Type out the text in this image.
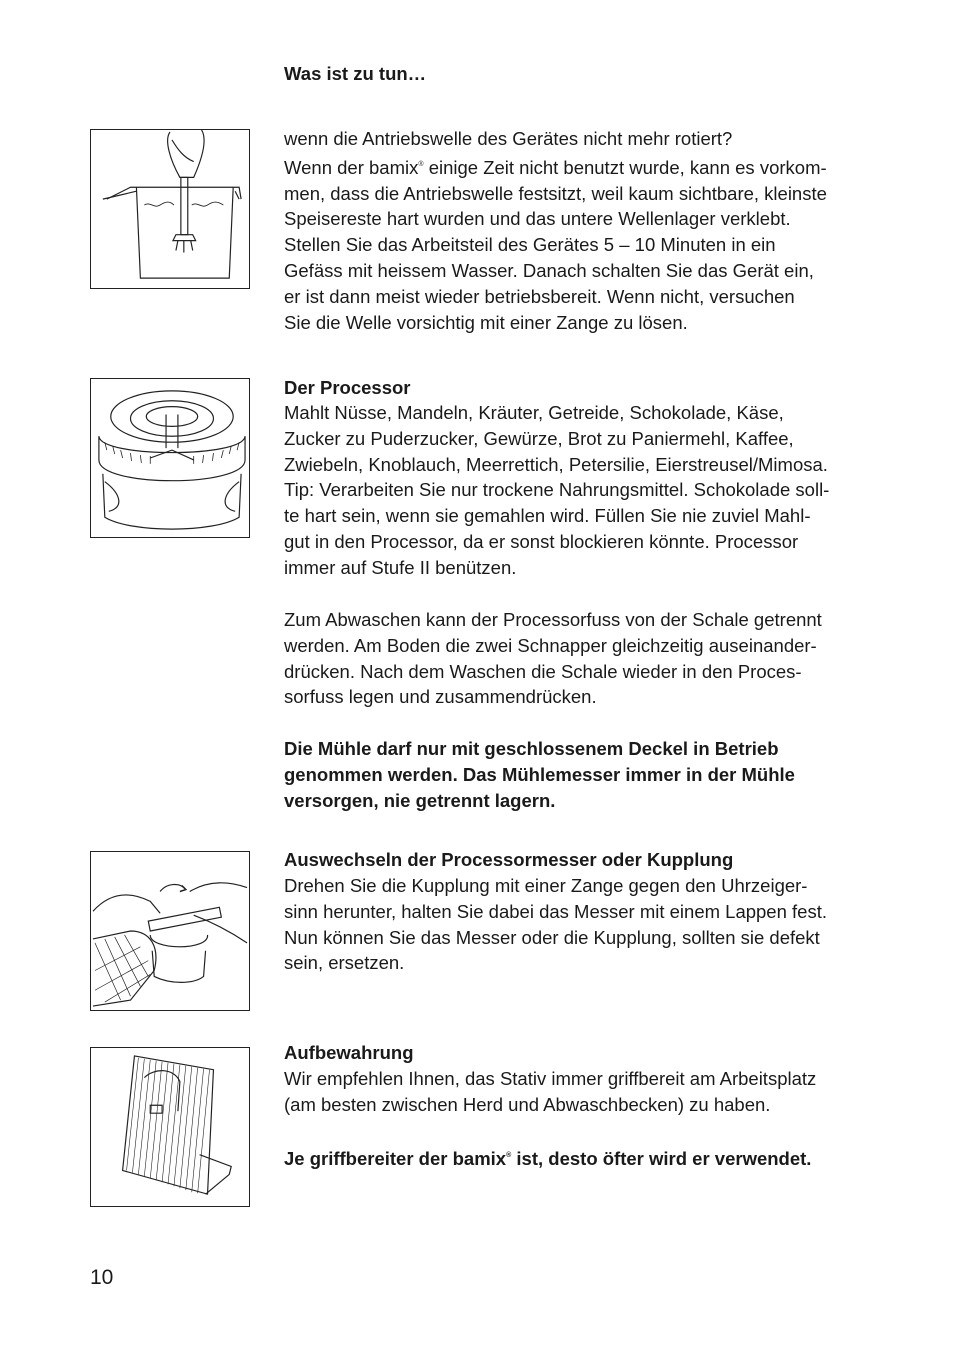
Was ist zu tun…
wenn die Antriebswelle des Gerätes nicht mehr rotiert?
Wenn der bamix® einige Zeit nicht benutzt wurde, kann es vorkom-
men, dass die Antriebswelle festsitzt, weil kaum sichtbare, kleinste
Speisereste hart wurden und das untere Wellenlager verklebt.
Stellen Sie das Arbeitsteil des Gerätes 5 – 10 Minuten in ein
Gefäss mit heissem Wasser. Danach schalten Sie das Gerät ein,
er ist dann meist wieder betriebsbereit. Wenn nicht, versuchen
Sie die Welle vorsichtig mit einer Zange zu lösen.
Der Processor
Mahlt Nüsse, Mandeln, Kräuter, Getreide, Schokolade, Käse,
Zucker zu Puderzucker, Gewürze, Brot zu Paniermehl, Kaffee,
Zwiebeln, Knoblauch, Meerrettich, Petersilie, Eierstreusel/Mimosa.
Tip: Verarbeiten Sie nur trockene Nahrungsmittel. Schokolade soll-
te hart sein, wenn sie gemahlen wird. Füllen Sie nie zuviel Mahl-
gut in den Processor, da er sonst blockieren könnte. Processor
immer auf Stufe II benützen.
Zum Abwaschen kann der Processorfuss von der Schale getrennt
werden. Am Boden die zwei Schnapper gleichzeitig auseinander-
drücken. Nach dem Waschen die Schale wieder in den Proces-
sorfuss legen und zusammendrücken.
Die Mühle darf nur mit geschlossenem Deckel in Betrieb
genommen werden. Das Mühlemesser immer in der Mühle
versorgen, nie getrennt lagern.
Auswechseln der Processormesser oder Kupplung
Drehen Sie die Kupplung mit einer Zange gegen den Uhrzeiger-
sinn herunter, halten Sie dabei das Messer mit einem Lappen fest.
Nun können Sie das Messer oder die Kupplung, sollten sie defekt
sein, ersetzen.
Aufbewahrung
Wir empfehlen Ihnen, das Stativ immer griffbereit am Arbeitsplatz
(am besten zwischen Herd und Abwaschbecken) zu haben.
Je griffbereiter der bamix® ist, desto öfter wird er verwendet.
10
